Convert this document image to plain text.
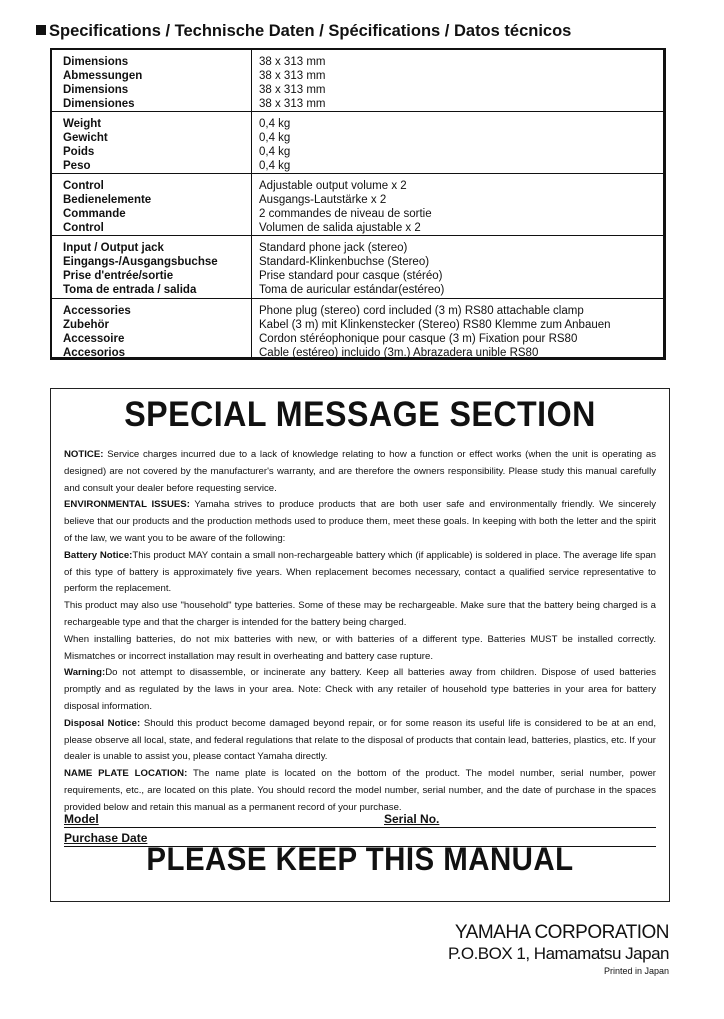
Specifications / Technische Daten / Spécifications / Datos técnicos
Dimensions
Abmessungen
Dimensions
Dimensiones
38 x 313 mm
38 x 313 mm
38 x 313 mm
38 x 313 mm
Weight
Gewicht
Poids
Peso
0,4 kg
0,4 kg
0,4 kg
0,4 kg
Control
Bedienelemente
Commande
Control
Adjustable output volume x 2
Ausgangs-Lautstärke x 2
2 commandes de niveau de sortie
Volumen de salida ajustable x 2
Input / Output jack
Eingangs-/Ausgangsbuchse
Prise d'entrée/sortie
Toma de entrada / salida
Standard phone jack (stereo)
Standard-Klinkenbuchse (Stereo)
Prise standard pour casque (stéréo)
Toma de auricular estándar(estéreo)
Accessories
Zubehör
Accessoire
Accesorios
Phone plug (stereo) cord included (3 m) RS80 attachable clamp
Kabel (3 m) mit Klinkenstecker (Stereo) RS80 Klemme zum Anbauen
Cordon stéréophonique pour casque (3 m) Fixation pour RS80
Cable (estéreo) incluido (3m.) Abrazadera unible RS80
SPECIAL MESSAGE SECTION

NOTICE: Service charges incurred due to a lack of knowledge relating to how a function or effect works (when the unit is operating as designed) are not covered by the manufacturer's warranty, and are therefore the owners responsibility. Please study this manual carefully and consult your dealer before requesting service.

ENVIRONMENTAL ISSUES: Yamaha strives to produce products that are both user safe and environmentally friendly. We sincerely believe that our products and the production methods used to produce them, meet these goals. In keeping with both the letter and the spirit of the law, we want you to be aware of the following:

Battery Notice:This product MAY contain a small non-rechargeable battery which (if applicable) is soldered in place. The average life span of this type of battery is approximately five years. When replacement becomes necessary, contact a qualified service representative to perform the replacement.

This product may also use "household" type batteries. Some of these may be rechargeable. Make sure that the battery being charged is a rechargeable type and that the charger is intended for the battery being charged.

When installing batteries, do not mix batteries with new, or with batteries of a different type. Batteries MUST be installed correctly. Mismatches or incorrect installation may result in overheating and battery case rupture.

Warning:Do not attempt to disassemble, or incinerate any battery. Keep all batteries away from children. Dispose of used batteries promptly and as regulated by the laws in your area. Note: Check with any retailer of household type batteries in your area for battery disposal information.

Disposal Notice: Should this product become damaged beyond repair, or for some reason its useful life is considered to be at an end, please observe all local, state, and federal regulations that relate to the disposal of products that contain lead, batteries, plastics, etc. If your dealer is unable to assist you, please contact Yamaha directly.

NAME PLATE LOCATION: The name plate is located on the bottom of the product. The model number, serial number, power requirements, etc., are located on this plate. You should record the model number, serial number, and the date of purchase in the spaces provided below and retain this manual as a permanent record of your purchase.

Model	Serial No.
Purchase Date
PLEASE KEEP THIS MANUAL
YAMAHA CORPORATION
P.O.BOX 1, Hamamatsu Japan
Printed in Japan
